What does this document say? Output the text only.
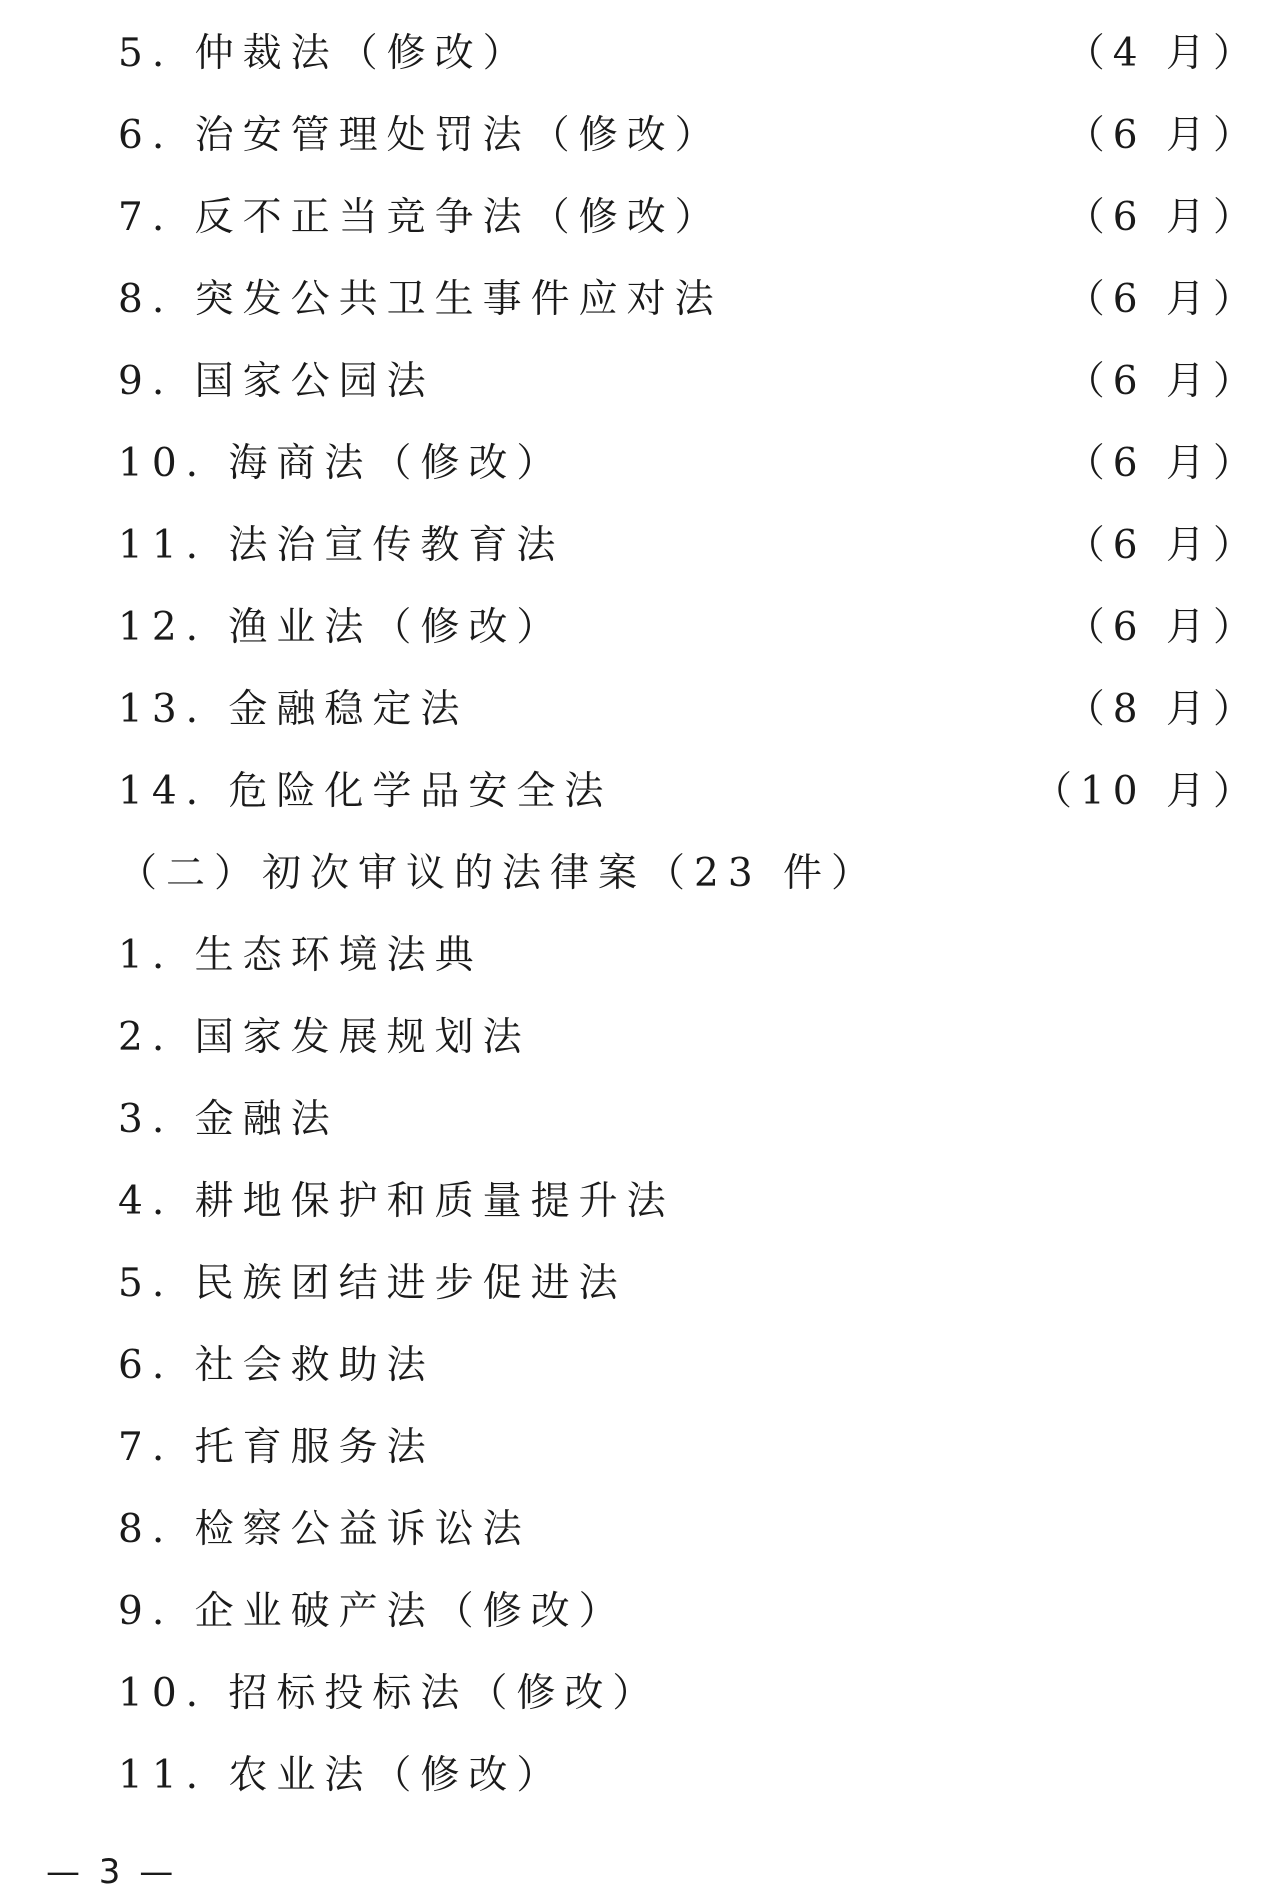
5. 仲裁法（修改）	（4 月）
6. 治安管理处罚法（修改）	（6 月）
7. 反不正当竞争法（修改）	（6 月）
8. 突发公共卫生事件应对法	（6 月）
9. 国家公园法	（6 月）
10. 海商法（修改）	（6 月）
11. 法治宣传教育法	（6 月）
12. 渔业法（修改）	（6 月）
13. 金融稳定法	（8 月）
14. 危险化学品安全法	（10 月）
（二）初次审议的法律案（23 件）
1. 生态环境法典
2. 国家发展规划法
3. 金融法
4. 耕地保护和质量提升法
5. 民族团结进步促进法
6. 社会救助法
7. 托育服务法
8. 检察公益诉讼法
9. 企业破产法（修改）
10. 招标投标法（修改）
11. 农业法（修改）
— 3 —
